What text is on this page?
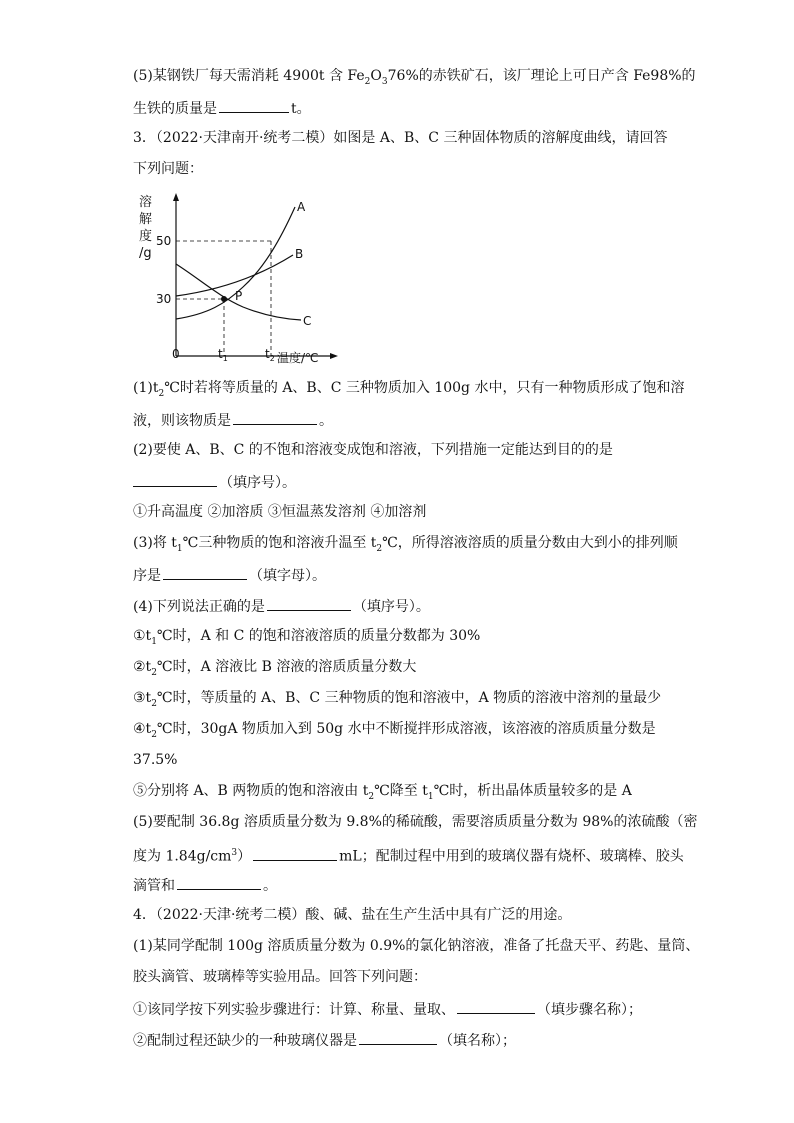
(5)某钢铁厂每天需消耗 4900t 含 $Fe_2O_376\%$的赤铁矿石，该厂理论上可日产含 Fe98%的
生铁的质量是	t。
3．（2022·天津南开·统考二模）如图是 A、B、C 三种固体物质的溶解度曲线，请回答
下列问题：
溶
解
度
/g
50
30
0	$t_1$	$t_2$ 温度/℃
A
B
C
P
$(1)t_2℃$时若将等质量的 A、B、C 三种物质加入 100g 水中，只有一种物质形成了饱和溶
液，则该物质是	。
(2)要使 A、B、C 的不饱和溶液变成饱和溶液，下列措施一定能达到目的的是
（填序号）。
①升高温度 ②加溶质 ③恒温蒸发溶剂 ④加溶剂
(3)将 $t_1℃$三种物质的饱和溶液升温至 $t_2℃$，所得溶液溶质的质量分数由大到小的排列顺
序是	（填字母）。
(4)下列说法正确的是	（填序号）。
$①t_1℃$时，A 和 C 的饱和溶液溶质的质量分数都为 30%
$②t_2℃$时，A 溶液比 B 溶液的溶质质量分数大
$③t_2℃$时，等质量的 A、B、C 三种物质的饱和溶液中，A 物质的溶液中溶剂的量最少
$④t_2℃$时，30gA 物质加入到 50g 水中不断搅拌形成溶液，该溶液的溶质质量分数是
37.5%
⑤分别将 A、B 两物质的饱和溶液由 $t_2℃$降至 $t_1℃$时，析出晶体质量较多的是 A
(5)要配制 36.8g 溶质质量分数为 9.8%的稀硫酸，需要溶质质量分数为 98%的浓硫酸（密
度为 $1.84g/cm^3$）	mL；配制过程中用到的玻璃仪器有烧杯、玻璃棒、胶头
滴管和	。
4．（2022·天津·统考二模）酸、碱、盐在生产生活中具有广泛的用途。
(1)某同学配制 100g 溶质质量分数为 0.9%的氯化钠溶液，准备了托盘天平、药匙、量筒、
胶头滴管、玻璃棒等实验用品。回答下列问题：
①该同学按下列实验步骤进行：计算、称量、量取、	（填步骤名称）；
②配制过程还缺少的一种玻璃仪器是	（填名称）；
